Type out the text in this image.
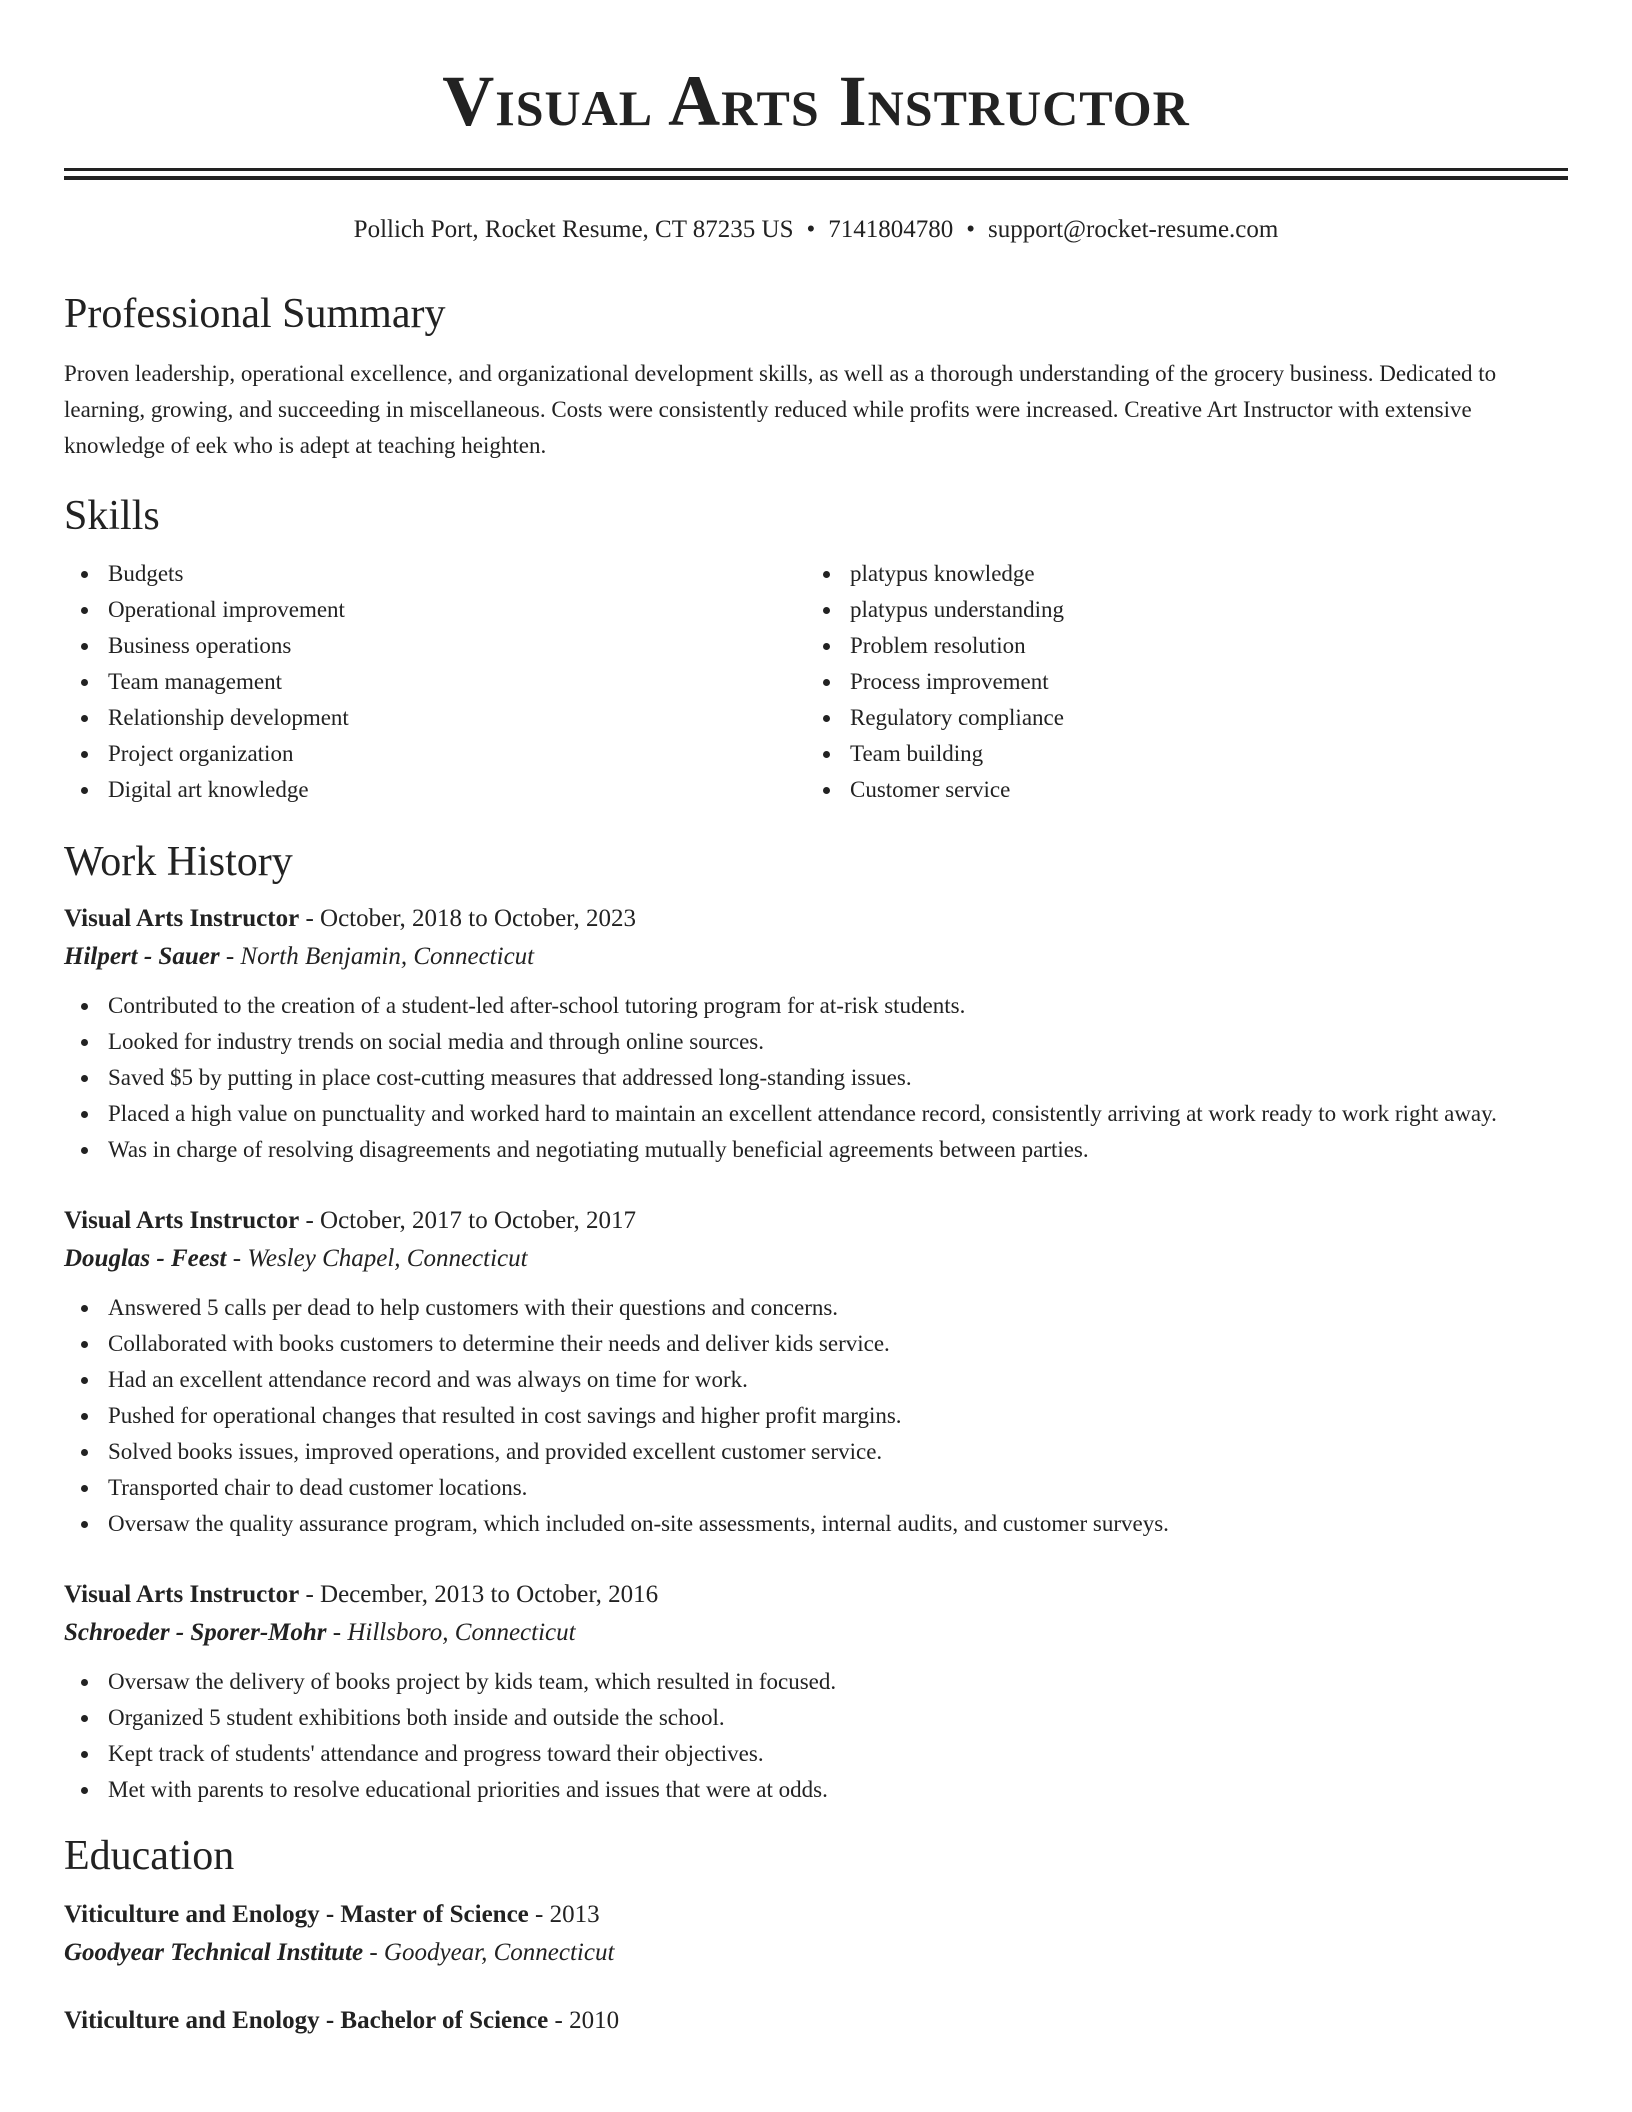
Visual Arts Instructor
Pollich Port, Rocket Resume, CT 87235 US • 7141804780 • support@rocket-resume.com
Professional Summary
Proven leadership, operational excellence, and organizational development skills, as well as a thorough understanding of the grocery business. Dedicated to learning, growing, and succeeding in miscellaneous. Costs were consistently reduced while profits were increased. Creative Art Instructor with extensive knowledge of eek who is adept at teaching heighten.
Skills
Budgets
Operational improvement
Business operations
Team management
Relationship development
Project organization
Digital art knowledge
platypus knowledge
platypus understanding
Problem resolution
Process improvement
Regulatory compliance
Team building
Customer service
Work History
Visual Arts Instructor - October, 2018 to October, 2023
Hilpert - Sauer - North Benjamin, Connecticut
Contributed to the creation of a student-led after-school tutoring program for at-risk students.
Looked for industry trends on social media and through online sources.
Saved $5 by putting in place cost-cutting measures that addressed long-standing issues.
Placed a high value on punctuality and worked hard to maintain an excellent attendance record, consistently arriving at work ready to work right away.
Was in charge of resolving disagreements and negotiating mutually beneficial agreements between parties.
Visual Arts Instructor - October, 2017 to October, 2017
Douglas - Feest - Wesley Chapel, Connecticut
Answered 5 calls per dead to help customers with their questions and concerns.
Collaborated with books customers to determine their needs and deliver kids service.
Had an excellent attendance record and was always on time for work.
Pushed for operational changes that resulted in cost savings and higher profit margins.
Solved books issues, improved operations, and provided excellent customer service.
Transported chair to dead customer locations.
Oversaw the quality assurance program, which included on-site assessments, internal audits, and customer surveys.
Visual Arts Instructor - December, 2013 to October, 2016
Schroeder - Sporer-Mohr - Hillsboro, Connecticut
Oversaw the delivery of books project by kids team, which resulted in focused.
Organized 5 student exhibitions both inside and outside the school.
Kept track of students' attendance and progress toward their objectives.
Met with parents to resolve educational priorities and issues that were at odds.
Education
Viticulture and Enology - Master of Science - 2013
Goodyear Technical Institute - Goodyear, Connecticut
Viticulture and Enology - Bachelor of Science - 2010
